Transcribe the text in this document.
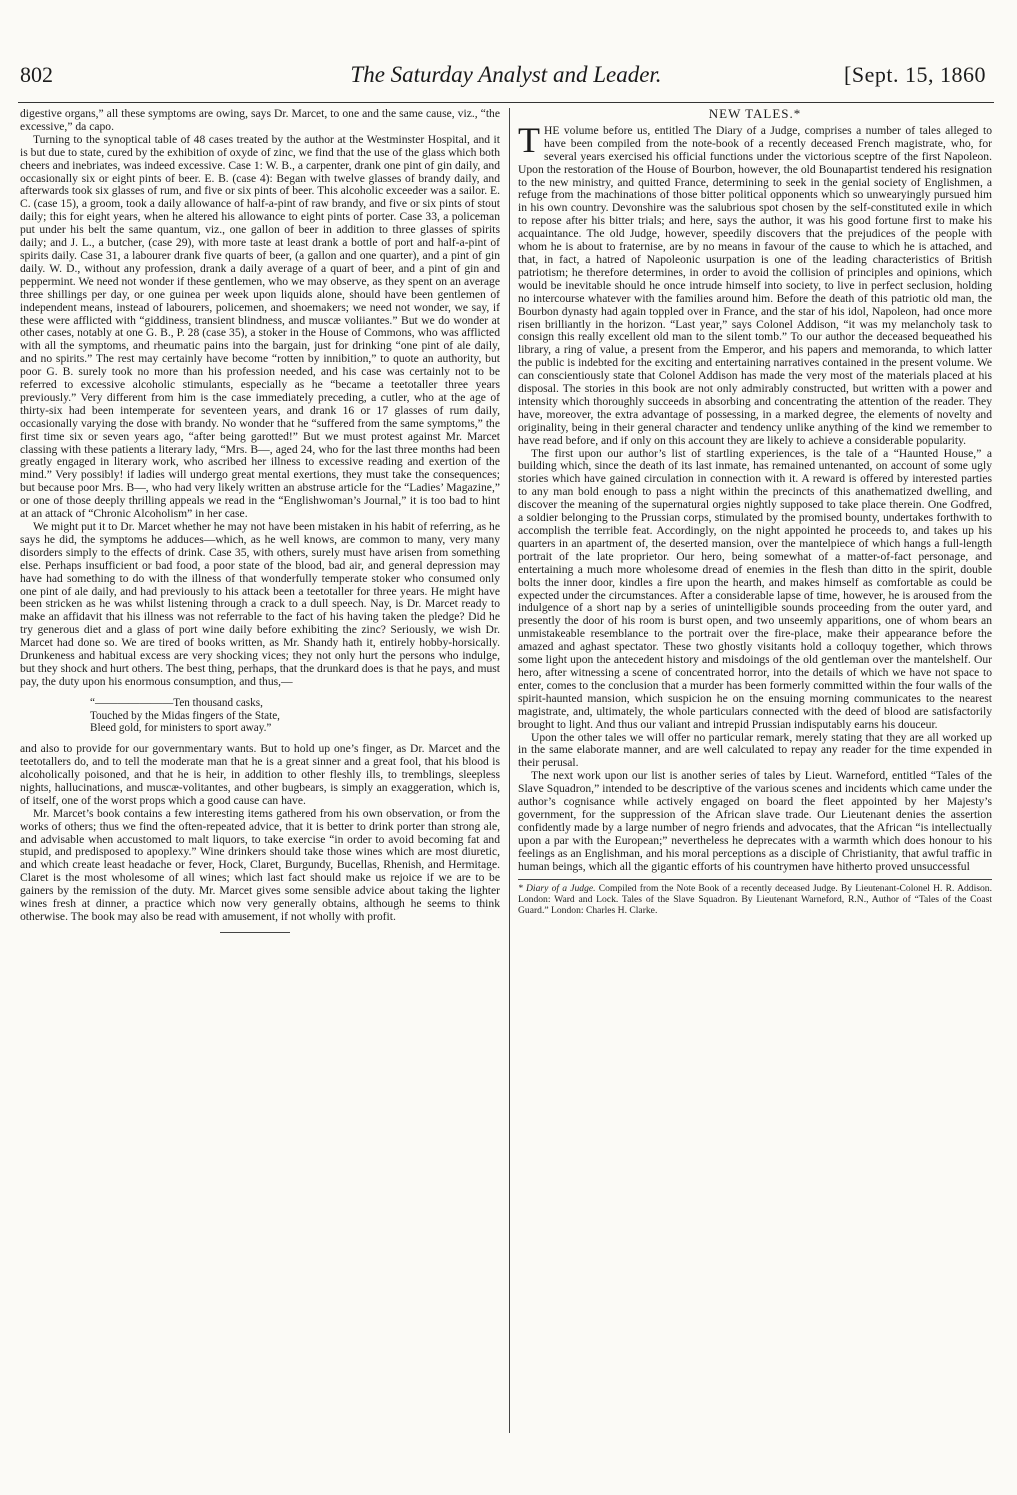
802	The Saturday Analyst and Leader.	[Sept. 15, 1860

digestive organs,” all these symptoms are owing, says Dr. Marcet, to one and the same cause, viz., “the excessive,” da capo.

Turning to the synoptical table of 48 cases treated by the author at the Westminster Hospital, and it is but due to state, cured by the exhibition of oxyde of zinc, we find that the use of the glass which both cheers and inebriates, was indeed excessive. Case 1: W. B., a carpenter, drank one pint of gin daily, and occasionally six or eight pints of beer. E. B. (case 4): Began with twelve glasses of brandy daily, and afterwards took six glasses of rum, and five or six pints of beer. This alcoholic exceeder was a sailor. E. C. (case 15), a groom, took a daily allowance of half-a-pint of raw brandy, and five or six pints of stout daily; this for eight years, when he altered his allowance to eight pints of porter. Case 33, a policeman put under his belt the same quantum, viz., one gallon of beer in addition to three glasses of spirits daily; and J. L., a butcher, (case 29), with more taste at least drank a bottle of port and half-a-pint of spirits daily. Case 31, a labourer drank five quarts of beer, (a gallon and one quarter), and a pint of gin daily. W. D., without any profession, drank a daily average of a quart of beer, and a pint of gin and peppermint. We need not wonder if these gentlemen, who we may observe, as they spent on an average three shillings per day, or one guinea per week upon liquids alone, should have been gentlemen of independent means, instead of labourers, policemen, and shoemakers; we need not wonder, we say, if these were afflicted with “giddiness, transient blindness, and muscæ voliiantes.” But we do wonder at other cases, notably at one G. B., P. 28 (case 35), a stoker in the House of Commons, who was afflicted with all the symptoms, and rheumatic pains into the bargain, just for drinking “one pint of ale daily, and no spirits.” The rest may certainly have become “rotten by innibition,” to quote an authority, but poor G. B. surely took no more than his profession needed, and his case was certainly not to be referred to excessive alcoholic stimulants, especially as he “became a teetotaller three years previously.” Very different from him is the case immediately preceding, a cutler, who at the age of thirty-six had been intemperate for seventeen years, and drank 16 or 17 glasses of rum daily, occasionally varying the dose with brandy. No wonder that he “suffered from the same symptoms,” the first time six or seven years ago, “after being garotted!” But we must protest against Mr. Marcet classing with these patients a literary lady, “Mrs. B—, aged 24, who for the last three months had been greatly engaged in literary work, who ascribed her illness to excessive reading and exertion of the mind.” Very possibly! if ladies will undergo great mental exertions, they must take the consequences; but because poor Mrs. B—, who had very likely written an abstruse article for the “Ladies’ Magazine,” or one of those deeply thrilling appeals we read in the “Englishwoman’s Journal,” it is too bad to hint at an attack of “Chronic Alcoholism” in her case.

We might put it to Dr. Marcet whether he may not have been mistaken in his habit of referring, as he says he did, the symptoms he adduces—which, as he well knows, are common to many, very many disorders simply to the effects of drink. Case 35, with others, surely must have arisen from something else. Perhaps insufficient or bad food, a poor state of the blood, bad air, and general depression may have had something to do with the illness of that wonderfully temperate stoker who consumed only one pint of ale daily, and had previously to his attack been a teetotaller for three years. He might have been stricken as he was whilst listening through a crack to a dull speech. Nay, is Dr. Marcet ready to make an affidavit that his illness was not referrable to the fact of his having taken the pledge? Did he try generous diet and a glass of port wine daily before exhibiting the zinc? Seriously, we wish Dr. Marcet had done so. We are tired of books written, as Mr. Shandy hath it, entirely hobby-horsically. Drunkeness and habitual excess are very shocking vices; they not only hurt the persons who indulge, but they shock and hurt others. The best thing, perhaps, that the drunkard does is that he pays, and must pay, the duty upon his enormous consumption, and thus,—

“———————Ten thousand casks,
Touched by the Midas fingers of the State,
Bleed gold, for ministers to sport away.”

and also to provide for our governmentary wants. But to hold up one’s finger, as Dr. Marcet and the teetotallers do, and to tell the moderate man that he is a great sinner and a great fool, that his blood is alcoholically poisoned, and that he is heir, in addition to other fleshly ills, to tremblings, sleepless nights, hallucinations, and muscæ-volitantes, and other bugbears, is simply an exaggeration, which is, of itself, one of the worst props which a good cause can have.

Mr. Marcet’s book contains a few interesting items gathered from his own observation, or from the works of others; thus we find the often-repeated advice, that it is better to drink porter than strong ale, and advisable when accustomed to malt liquors, to take exercise “in order to avoid becoming fat and stupid, and predisposed to apoplexy.” Wine drinkers should take those wines which are most diuretic, and which create least headache or fever, Hock, Claret, Burgundy, Bucellas, Rhenish, and Hermitage. Claret is the most wholesome of all wines; which last fact should make us rejoice if we are to be gainers by the remission of the duty. Mr. Marcet gives some sensible advice about taking the lighter wines fresh at dinner, a practice which now very generally obtains, although he seems to think otherwise. The book may also be read with amusement, if not wholly with profit.

NEW TALES.*

THE volume before us, entitled The Diary of a Judge, comprises a number of tales alleged to have been compiled from the note-book of a recently deceased French magistrate, who, for several years exercised his official functions under the victorious sceptre of the first Napoleon. Upon the restoration of the House of Bourbon, however, the old Bounapartist tendered his resignation to the new ministry, and quitted France, determining to seek in the genial society of Englishmen, a refuge from the machinations of those bitter political opponents which so unwearyingly pursued him in his own country. Devonshire was the salubrious spot chosen by the self-constituted exile in which to repose after his bitter trials; and here, says the author, it was his good fortune first to make his acquaintance. The old Judge, however, speedily discovers that the prejudices of the people with whom he is about to fraternise, are by no means in favour of the cause to which he is attached, and that, in fact, a hatred of Napoleonic usurpation is one of the leading characteristics of British patriotism; he therefore determines, in order to avoid the collision of principles and opinions, which would be inevitable should he once intrude himself into society, to live in perfect seclusion, holding no intercourse whatever with the families around him. Before the death of this patriotic old man, the Bourbon dynasty had again toppled over in France, and the star of his idol, Napoleon, had once more risen brilliantly in the horizon. “Last year,” says Colonel Addison, “it was my melancholy task to consign this really excellent old man to the silent tomb.” To our author the deceased bequeathed his library, a ring of value, a present from the Emperor, and his papers and memoranda, to which latter the public is indebted for the exciting and entertaining narratives contained in the present volume. We can conscientiously state that Colonel Addison has made the very most of the materials placed at his disposal. The stories in this book are not only admirably constructed, but written with a power and intensity which thoroughly succeeds in absorbing and concentrating the attention of the reader. They have, moreover, the extra advantage of possessing, in a marked degree, the elements of novelty and originality, being in their general character and tendency unlike anything of the kind we remember to have read before, and if only on this account they are likely to achieve a considerable popularity.

The first upon our author’s list of startling experiences, is the tale of a “Haunted House,” a building which, since the death of its last inmate, has remained untenanted, on account of some ugly stories which have gained circulation in connection with it. A reward is offered by interested parties to any man bold enough to pass a night within the precincts of this anathematized dwelling, and discover the meaning of the supernatural orgies nightly supposed to take place therein. One Godfred, a soldier belonging to the Prussian corps, stimulated by the promised bounty, undertakes forthwith to accomplish the terrible feat. Accordingly, on the night appointed he proceeds to, and takes up his quarters in an apartment of, the deserted mansion, over the mantelpiece of which hangs a full-length portrait of the late proprietor. Our hero, being somewhat of a matter-of-fact personage, and entertaining a much more wholesome dread of enemies in the flesh than ditto in the spirit, double bolts the inner door, kindles a fire upon the hearth, and makes himself as comfortable as could be expected under the circumstances. After a considerable lapse of time, however, he is aroused from the indulgence of a short nap by a series of unintelligible sounds proceeding from the outer yard, and presently the door of his room is burst open, and two unseemly apparitions, one of whom bears an unmistakeable resemblance to the portrait over the fire-place, make their appearance before the amazed and aghast spectator. These two ghostly visitants hold a colloquy together, which throws some light upon the antecedent history and misdoings of the old gentleman over the mantelshelf. Our hero, after witnessing a scene of concentrated horror, into the details of which we have not space to enter, comes to the conclusion that a murder has been formerly committed within the four walls of the spirit-haunted mansion, which suspicion he on the ensuing morning communicates to the nearest magistrate, and, ultimately, the whole particulars connected with the deed of blood are satisfactorily brought to light. And thus our valiant and intrepid Prussian indisputably earns his douceur.

Upon the other tales we will offer no particular remark, merely stating that they are all worked up in the same elaborate manner, and are well calculated to repay any reader for the time expended in their perusal.

The next work upon our list is another series of tales by Lieut. Warneford, entitled “Tales of the Slave Squadron,” intended to be descriptive of the various scenes and incidents which came under the author’s cognisance while actively engaged on board the fleet appointed by her Majesty’s government, for the suppression of the African slave trade. Our Lieutenant denies the assertion confidently made by a large number of negro friends and advocates, that the African “is intellectually upon a par with the European;” nevertheless he deprecates with a warmth which does honour to his feelings as an Englishman, and his moral perceptions as a disciple of Christianity, that awful traffic in human beings, which all the gigantic efforts of his countrymen have hitherto proved unsuccessful

* Diary of a Judge. Compiled from the Note Book of a recently deceased Judge. By Lieutenant-Colonel H. R. Addison. London: Ward and Lock. Tales of the Slave Squadron. By Lieutenant Warneford, R.N., Author of “Tales of the Coast Guard.” London: Charles H. Clarke.
